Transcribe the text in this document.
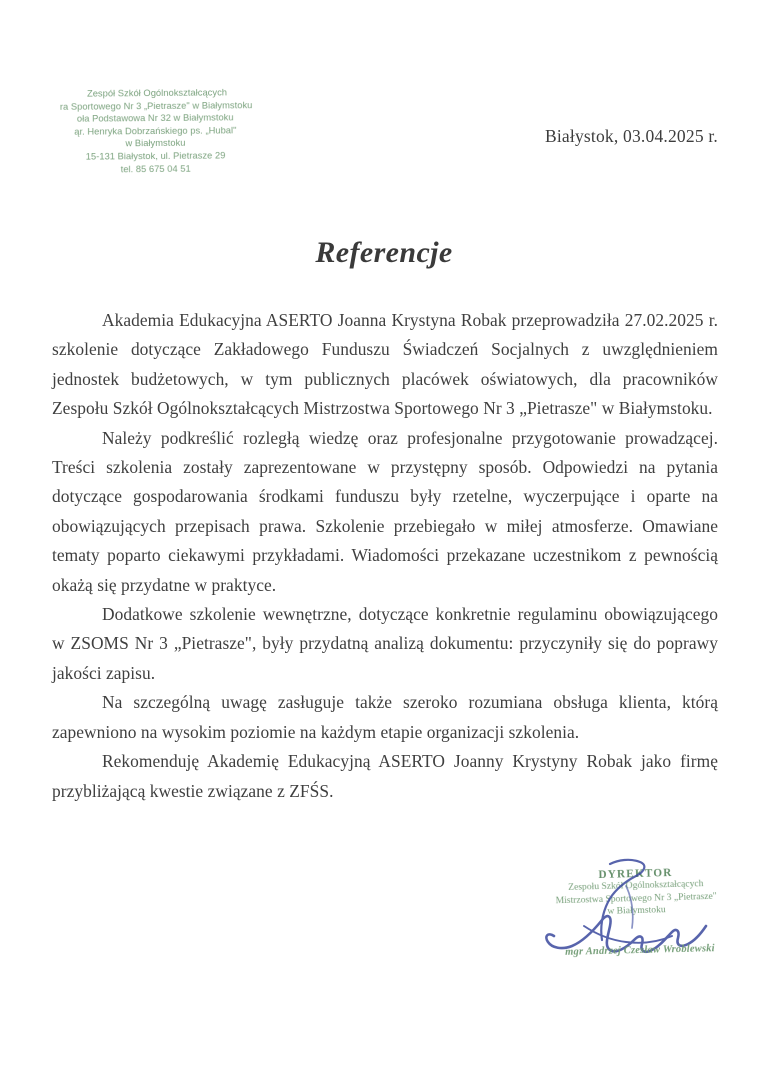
Zespół Szkół Ogólnokształcących
ra Sportowego Nr 3 „Pietrasze" w Białymstoku
oła Podstawowa Nr 32 w Białymstoku
ąr. Henryka Dobrzańskiego ps. „Hubal"
w Białymstoku
15-131 Białystok, ul. Pietrasze 29
tel. 85 675 04 51
Białystok, 03.04.2025 r.
Referencje

Akademia Edukacyjna ASERTO Joanna Krystyna Robak przeprowadziła 27.02.2025 r. szkolenie dotyczące Zakładowego Funduszu Świadczeń Socjalnych z uwzględnieniem jednostek budżetowych, w tym publicznych placówek oświatowych, dla pracowników Zespołu Szkół Ogólnokształcących Mistrzostwa Sportowego Nr 3 „Pietrasze" w Białymstoku.

Należy podkreślić rozległą wiedzę oraz profesjonalne przygotowanie prowadzącej. Treści szkolenia zostały zaprezentowane w przystępny sposób. Odpowiedzi na pytania dotyczące gospodarowania środkami funduszu były rzetelne, wyczerpujące i oparte na obowiązujących przepisach prawa. Szkolenie przebiegało w miłej atmosferze. Omawiane tematy poparto ciekawymi przykładami. Wiadomości przekazane uczestnikom z pewnością okażą się przydatne w praktyce.

Dodatkowe szkolenie wewnętrzne, dotyczące konkretnie regulaminu obowiązującego w ZSOMS Nr 3 „Pietrasze", były przydatną analizą dokumentu: przyczyniły się do poprawy jakości zapisu.

Na szczególną uwagę zasługuje także szeroko rozumiana obsługa klienta, którą zapewniono na wysokim poziomie na każdym etapie organizacji szkolenia.

Rekomenduję Akademię Edukacyjną ASERTO Joanny Krystyny Robak jako firmę przybliżającą kwestie związane z ZFŚS.

DYREKTOR
Zespołu Szkół Ogólnokształcących
Mistrzostwa Sportowego Nr 3 „Pietrasze"
w Białymstoku
mgr Andrzej Czesław Wróblewski
